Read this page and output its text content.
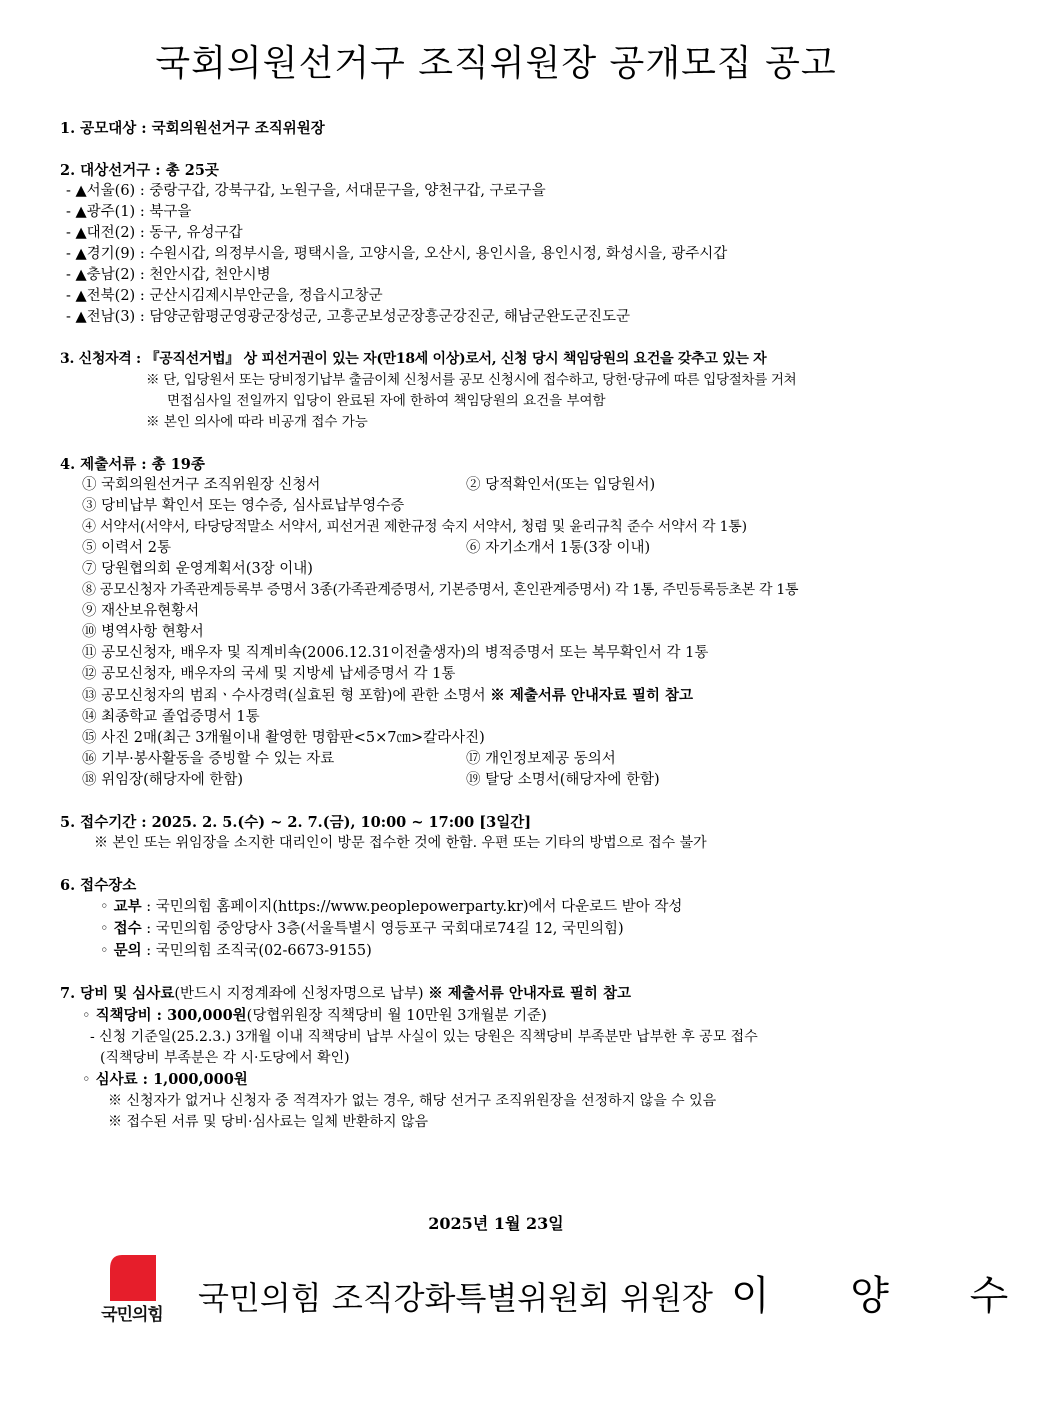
국회의원선거구 조직위원장 공개모집 공고
1. 공모대상 : 국회의원선거구 조직위원장
2. 대상선거구 : 총 25곳
- ▲서울(6) : 중랑구갑, 강북구갑, 노원구을, 서대문구을, 양천구갑, 구로구을
- ▲광주(1) : 북구을
- ▲대전(2) : 동구, 유성구갑
- ▲경기(9) : 수원시갑, 의정부시을, 평택시을, 고양시을, 오산시, 용인시을, 용인시정, 화성시을, 광주시갑
- ▲충남(2) : 천안시갑, 천안시병
- ▲전북(2) : 군산시김제시부안군을, 정읍시고창군
- ▲전남(3) : 담양군함평군영광군장성군, 고흥군보성군장흥군강진군, 해남군완도군진도군
3. 신청자격 : 『공직선거법』 상 피선거권이 있는 자(만18세 이상)로서, 신청 당시 책임당원의 요건을 갖추고 있는 자
※ 단, 입당원서 또는 당비정기납부 출금이체 신청서를 공모 신청시에 접수하고, 당헌·당규에 따른 입당절차를 거쳐
면접심사일 전일까지 입당이 완료된 자에 한하여 책임당원의 요건을 부여함
※ 본인 의사에 따라 비공개 접수 가능
4. 제출서류 : 총 19종
① 국회의원선거구 조직위원장 신청서	② 당적확인서(또는 입당원서)
③ 당비납부 확인서 또는 영수증, 심사료납부영수증
④ 서약서(서약서, 타당당적말소 서약서, 피선거권 제한규정 숙지 서약서, 청렴 및 윤리규칙 준수 서약서 각 1통)
⑤ 이력서 2통	⑥ 자기소개서 1통(3장 이내)
⑦ 당원협의회 운영계획서(3장 이내)
⑧ 공모신청자 가족관계등록부 증명서 3종(가족관계증명서, 기본증명서, 혼인관계증명서) 각 1통, 주민등록등초본 각 1통
⑨ 재산보유현황서
⑩ 병역사항 현황서
⑪ 공모신청자, 배우자 및 직계비속(2006.12.31이전출생자)의 병적증명서 또는 복무확인서 각 1통
⑫ 공모신청자, 배우자의 국세 및 지방세 납세증명서 각 1통
⑬ 공모신청자의 범죄ㆍ수사경력(실효된 형 포함)에 관한 소명서 ※ 제출서류 안내자료 필히 참고
⑭ 최종학교 졸업증명서 1통
⑮ 사진 2매(최근 3개월이내 촬영한 명함판<5×7㎝>칼라사진)
⑯ 기부·봉사활동을 증빙할 수 있는 자료	⑰ 개인정보제공 동의서
⑱ 위임장(해당자에 한함)	⑲ 탈당 소명서(해당자에 한함)
5. 접수기간 : 2025. 2. 5.(수) ~ 2. 7.(금), 10:00 ~ 17:00 [3일간]
※ 본인 또는 위임장을 소지한 대리인이 방문 접수한 것에 한함. 우편 또는 기타의 방법으로 접수 불가
6. 접수장소
◦ 교부 : 국민의힘 홈페이지(https://www.peoplepowerparty.kr)에서 다운로드 받아 작성
◦ 접수 : 국민의힘 중앙당사 3층(서울특별시 영등포구 국회대로74길 12, 국민의힘)
◦ 문의 : 국민의힘 조직국(02-6673-9155)
7. 당비 및 심사료(반드시 지정계좌에 신청자명으로 납부) ※ 제출서류 안내자료 필히 참고
◦ 직책당비 : 300,000원(당협위원장 직책당비 월 10만원 3개월분 기준)
- 신청 기준일(25.2.3.) 3개월 이내 직책당비 납부 사실이 있는 당원은 직책당비 부족분만 납부한 후 공모 접수
(직책당비 부족분은 각 시·도당에서 확인)
◦ 심사료 : 1,000,000원
※ 신청자가 없거나 신청자 중 적격자가 없는 경우, 해당 선거구 조직위원장을 선정하지 않을 수 있음
※ 접수된 서류 및 당비·심사료는 일체 반환하지 않음
2025년 1월 23일
국민의힘	국민의힘 조직강화특별위원회 위원장 이 양 수
